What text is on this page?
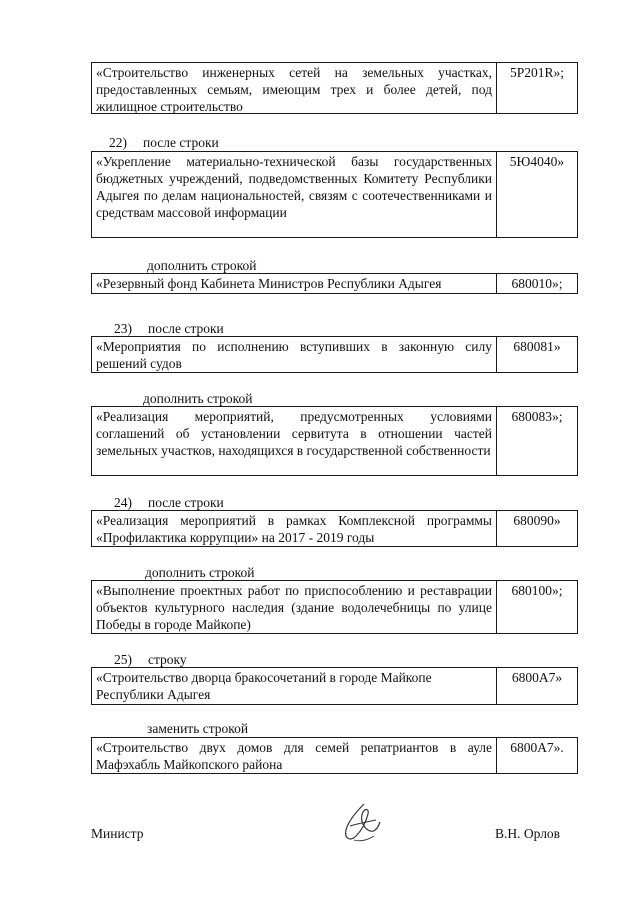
«Строительство инженерных сетей на земельных участках, предоставленных семьям, имеющим трех и более детей, под жилищное строительство
5P201R»;
22) после строки
«Укрепление материально-технической базы государственных бюджетных учреждений, подведомственных Комитету Республики Адыгея по делам национальностей, связям с соотечественниками и средствам массовой информации
5Ю4040»
дополнить строкой
«Резервный фонд Кабинета Министров Республики Адыгея	680010»;
23) после строки
«Мероприятия по исполнению вступивших в законную силу решений судов
680081»
дополнить строкой
«Реализация мероприятий, предусмотренных условиями соглашений об установлении сервитута в отношении частей земельных участков, находящихся в государственной собственности
680083»;
24) после строки
«Реализация мероприятий в рамках Комплексной программы «Профилактика коррупции» на 2017 - 2019 годы
680090»
дополнить строкой
«Выполнение проектных работ по приспособлению и реставрации объектов культурного наследия (здание водолечебницы по улице Победы в городе Майкопе)
680100»;
25) строку
«Строительство дворца бракосочетаний в городе Майкопе Республики Адыгея
6800А7»
заменить строкой
«Строительство двух домов для семей репатриантов в ауле Мафэхабль Майкопского района
6800А7».
Министр	В.Н. Орлов
